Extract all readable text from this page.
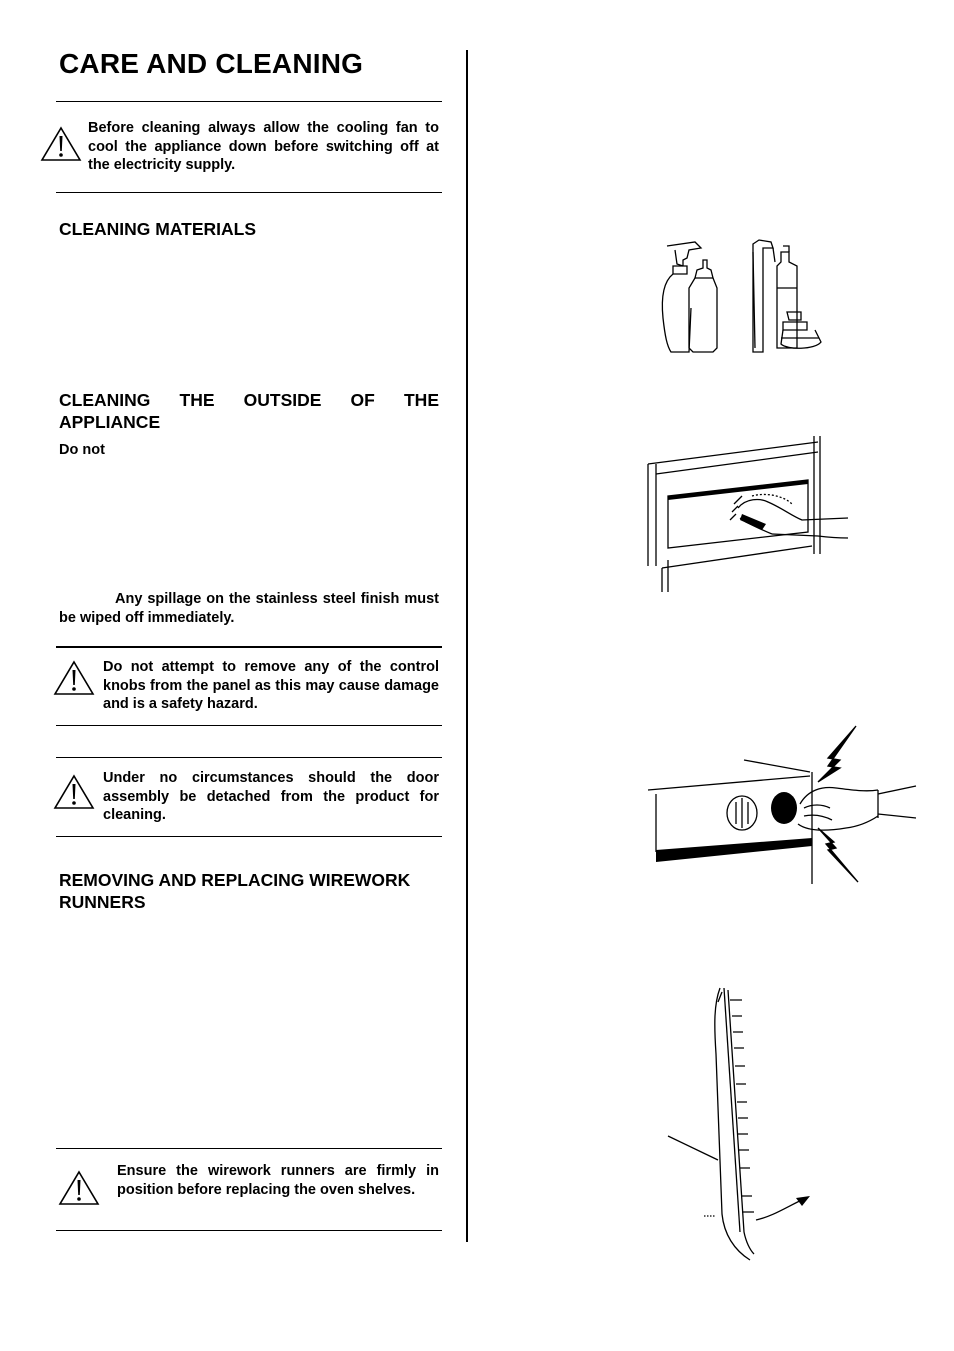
CARE AND CLEANING
Before cleaning always allow the cooling fan to cool the appliance down before switching off at the electricity supply.
CLEANING MATERIALS
CLEANING THE OUTSIDE OF THE
APPLIANCE
Do not
Any spillage on the stainless steel finish must be wiped off immediately.
Do not attempt to remove any of the control knobs from the panel as this may cause damage and is a safety hazard.
Under no circumstances should the door assembly be detached from the product for cleaning.
REMOVING AND REPLACING WIREWORK
RUNNERS
Ensure the wirework runners are firmly in position before replacing the oven shelves.
